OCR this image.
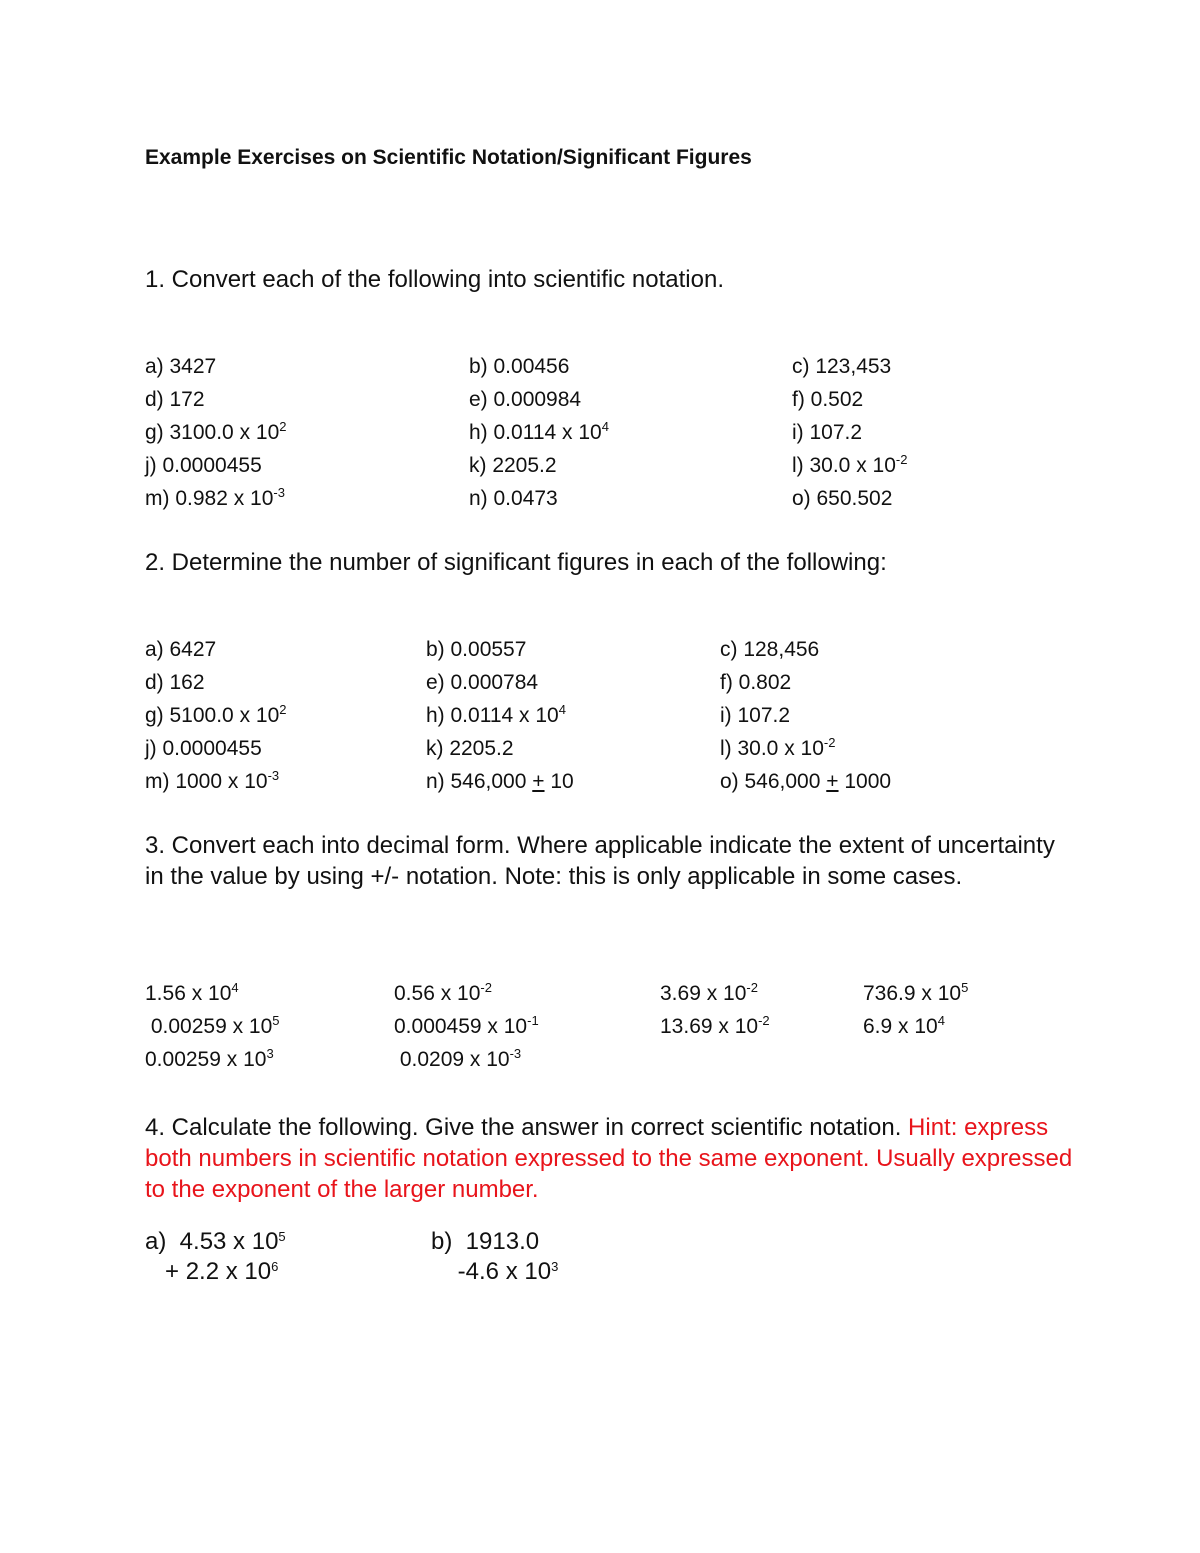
Example Exercises on Scientific Notation/Significant Figures
1. Convert each of the following into scientific notation.
a) 3427	b) 0.00456	c) 123,453
d) 172	e) 0.000984	f) 0.502
g) 3100.0 x $10^2$	h) 0.0114 x $10^4$	i) 107.2
j) 0.0000455	k) 2205.2	l) 30.0 x $10^{-2}$
m) 0.982 x $10^{-3}$	n) 0.0473	o) 650.502
2. Determine the number of significant figures in each of the following:
a) 6427	b) 0.00557	c) 128,456
d) 162	e) 0.000784	f) 0.802
g) 5100.0 x $10^2$	h) 0.0114 x $10^4$	i) 107.2
j) 0.0000455	k) 2205.2	l) 30.0 x $10^{-2}$
m) 1000 x $10^{-3}$	n) 546,000 + 10	o) 546,000 + 1000
3. Convert each into decimal form. Where applicable indicate the extent of uncertainty in the value by using +/- notation. Note: this is only applicable in some cases.
1.56 x $10^4$	0.56 x $10^{-2}$	3.69 x $10^{-2}$	736.9 x $10^5$
0.00259 x $10^5$	0.000459 x $10^{-1}$	13.69 x $10^{-2}$	6.9 x $10^4$
0.00259 x $10^3$	0.0209 x $10^{-3}$
4. Calculate the following. Give the answer in correct scientific notation. Hint: express both numbers in scientific notation expressed to the same exponent. Usually expressed to the exponent of the larger number.
a)  4.53 x $10^5$	b)  1913.0
+ 2.2 x $10^6$	-4.6 x $10^3$
